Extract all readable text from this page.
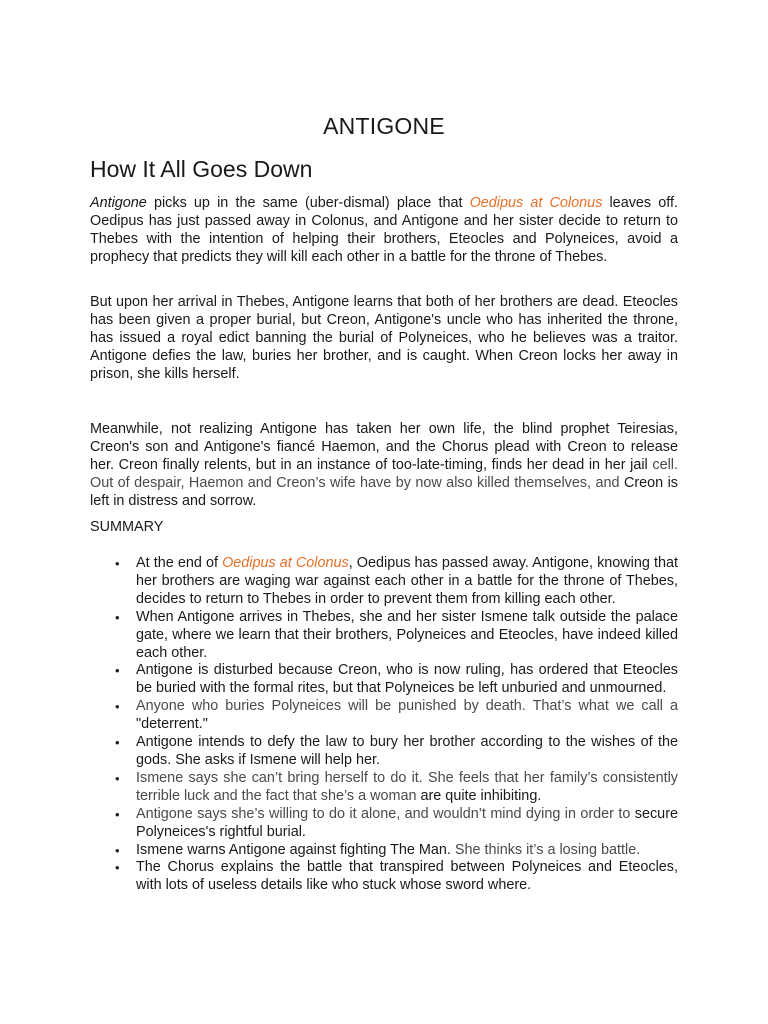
ANTIGONE
How It All Goes Down

Antigone picks up in the same (uber-dismal) place that Oedipus at Colonus leaves off. Oedipus has just passed away in Colonus, and Antigone and her sister decide to return to Thebes with the intention of helping their brothers, Eteocles and Polyneices, avoid a prophecy that predicts they will kill each other in a battle for the throne of Thebes.

But upon her arrival in Thebes, Antigone learns that both of her brothers are dead. Eteocles has been given a proper burial, but Creon, Antigone's uncle who has inherited the throne, has issued a royal edict banning the burial of Polyneices, who he believes was a traitor. Antigone defies the law, buries her brother, and is caught. When Creon locks her away in prison, she kills herself.

Meanwhile, not realizing Antigone has taken her own life, the blind prophet Teiresias, Creon's son and Antigone's fiancé Haemon, and the Chorus plead with Creon to release her. Creon finally relents, but in an instance of too-late-timing, finds her dead in her jail cell. Out of despair, Haemon and Creon’s wife have by now also killed themselves, and Creon is left in distress and sorrow.

SUMMARY
• At the end of Oedipus at Colonus, Oedipus has passed away. Antigone, knowing that her brothers are waging war against each other in a battle for the throne of Thebes, decides to return to Thebes in order to prevent them from killing each other.
• When Antigone arrives in Thebes, she and her sister Ismene talk outside the palace gate, where we learn that their brothers, Polyneices and Eteocles, have indeed killed each other.
• Antigone is disturbed because Creon, who is now ruling, has ordered that Eteocles be buried with the formal rites, but that Polyneices be left unburied and unmourned.
• Anyone who buries Polyneices will be punished by death. That’s what we call a "deterrent."
• Antigone intends to defy the law to bury her brother according to the wishes of the gods. She asks if Ismene will help her.
• Ismene says she can’t bring herself to do it. She feels that her family’s consistently terrible luck and the fact that she’s a woman are quite inhibiting.
• Antigone says she’s willing to do it alone, and wouldn’t mind dying in order to secure Polyneices's rightful burial.
• Ismene warns Antigone against fighting The Man. She thinks it’s a losing battle.
• The Chorus explains the battle that transpired between Polyneices and Eteocles, with lots of useless details like who stuck whose sword where.
